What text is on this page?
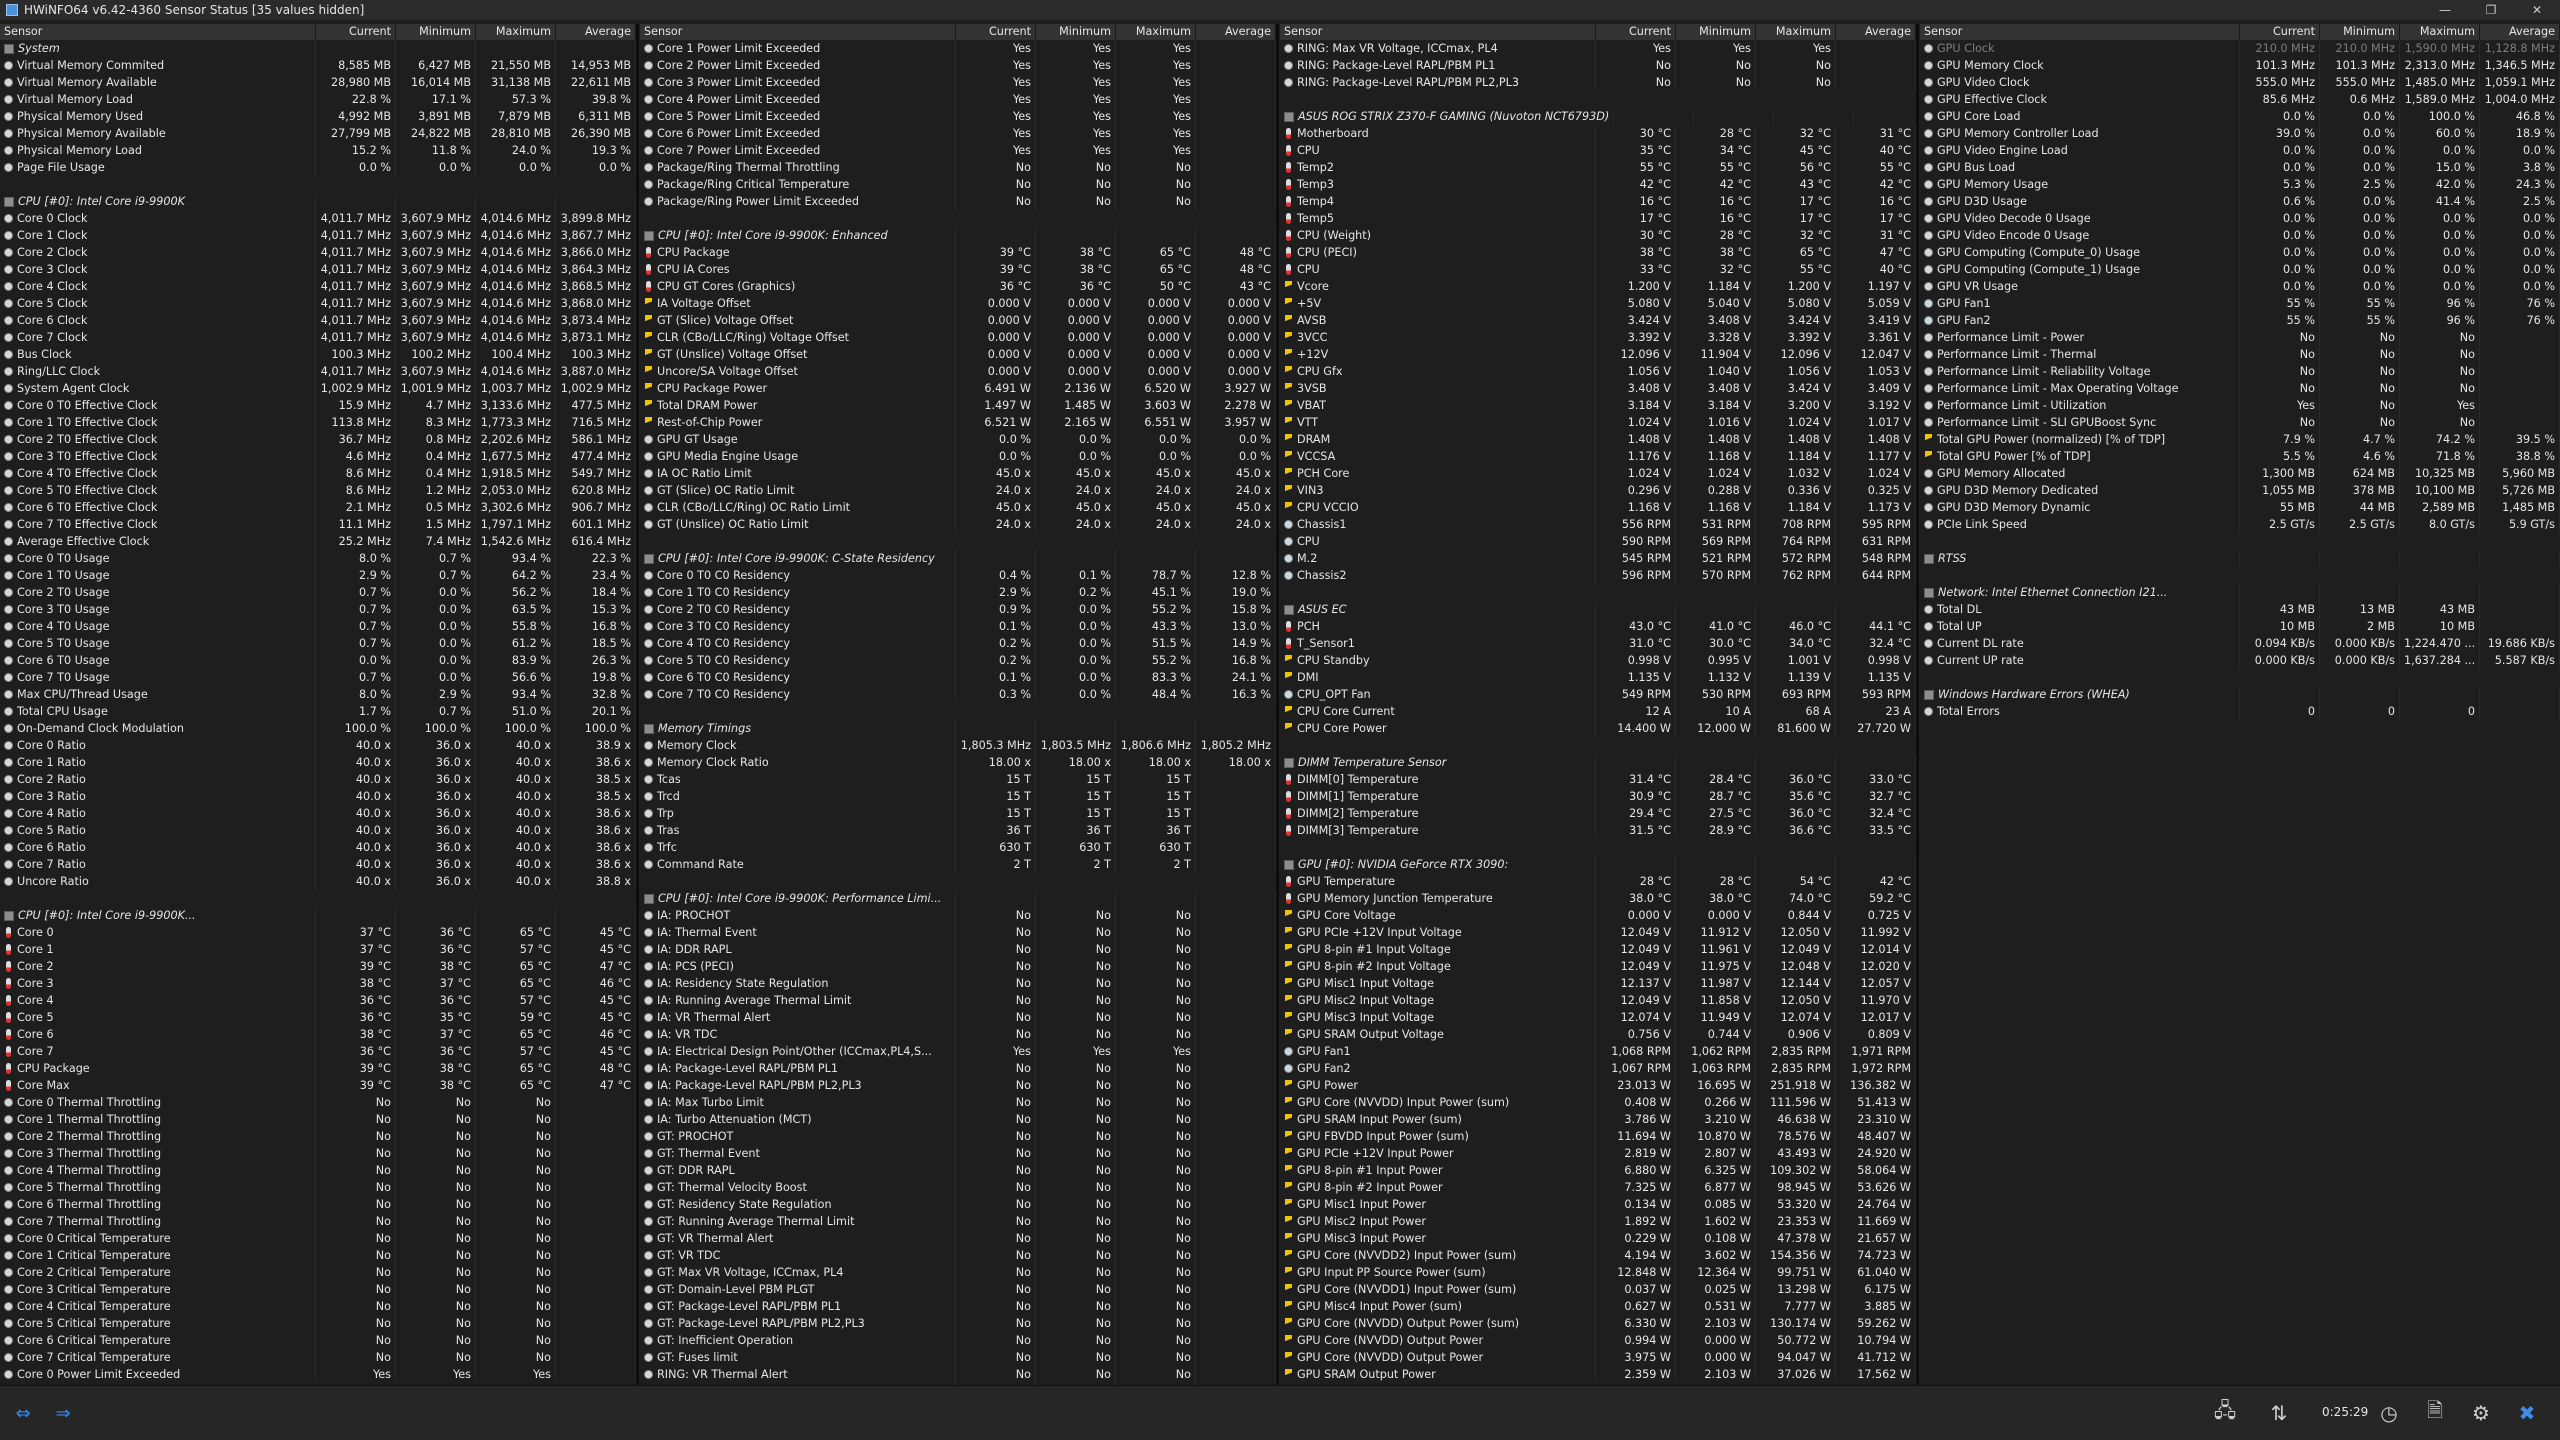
HWiNFO64 v6.42-4360 Sensor Status [35 values hidden]	—	❐	✕
Sensor	Current	Minimum	Maximum	Average
System
Virtual Memory Commited	8,585 MB	6,427 MB	21,550 MB	14,953 MB
Virtual Memory Available	28,980 MB	16,014 MB	31,138 MB	22,611 MB
Virtual Memory Load	22.8 %	17.1 %	57.3 %	39.8 %
Physical Memory Used	4,992 MB	3,891 MB	7,879 MB	6,311 MB
Physical Memory Available	27,799 MB	24,822 MB	28,810 MB	26,390 MB
Physical Memory Load	15.2 %	11.8 %	24.0 %	19.3 %
Page File Usage	0.0 %	0.0 %	0.0 %	0.0 %
CPU [#0]: Intel Core i9-9900K
Core 0 Clock	4,011.7 MHz 3,607.9 MHz 4,014.6 MHz 3,899.8 MHz
Core 1 Clock	4,011.7 MHz 3,607.9 MHz 4,014.6 MHz 3,867.7 MHz
Core 2 Clock	4,011.7 MHz 3,607.9 MHz 4,014.6 MHz 3,866.0 MHz
Core 3 Clock	4,011.7 MHz 3,607.9 MHz 4,014.6 MHz 3,864.3 MHz
Core 4 Clock	4,011.7 MHz 3,607.9 MHz 4,014.6 MHz 3,868.5 MHz
Core 5 Clock	4,011.7 MHz 3,607.9 MHz 4,014.6 MHz 3,868.0 MHz
Core 6 Clock	4,011.7 MHz 3,607.9 MHz 4,014.6 MHz 3,873.4 MHz
Core 7 Clock	4,011.7 MHz 3,607.9 MHz 4,014.6 MHz 3,873.1 MHz
Bus Clock	100.3 MHz	100.2 MHz	100.4 MHz	100.3 MHz
Ring/LLC Clock	4,011.7 MHz 3,607.9 MHz 4,014.6 MHz 3,887.0 MHz
System Agent Clock	1,002.9 MHz 1,001.9 MHz 1,003.7 MHz 1,002.9 MHz
Core 0 T0 Effective Clock	15.9 MHz	4.7 MHz 3,133.6 MHz	477.5 MHz
Core 1 T0 Effective Clock	113.8 MHz	8.3 MHz 1,773.3 MHz	716.5 MHz
Core 2 T0 Effective Clock	36.7 MHz	0.8 MHz 2,202.6 MHz	586.1 MHz
Core 3 T0 Effective Clock	4.6 MHz	0.4 MHz 1,677.5 MHz	477.4 MHz
Core 4 T0 Effective Clock	8.6 MHz	0.4 MHz 1,918.5 MHz	549.7 MHz
Core 5 T0 Effective Clock	8.6 MHz	1.2 MHz 2,053.0 MHz	620.8 MHz
Core 6 T0 Effective Clock	2.1 MHz	0.5 MHz 3,302.6 MHz	906.7 MHz
Core 7 T0 Effective Clock	11.1 MHz	1.5 MHz 1,797.1 MHz	601.1 MHz
Average Effective Clock	25.2 MHz	7.4 MHz 1,542.6 MHz	616.4 MHz
Core 0 T0 Usage	8.0 %	0.7 %	93.4 %	22.3 %
Core 1 T0 Usage	2.9 %	0.7 %	64.2 %	23.4 %
Core 2 T0 Usage	0.7 %	0.0 %	56.2 %	18.4 %
Core 3 T0 Usage	0.7 %	0.0 %	63.5 %	15.3 %
Core 4 T0 Usage	0.7 %	0.0 %	55.8 %	16.8 %
Core 5 T0 Usage	0.7 %	0.0 %	61.2 %	18.5 %
Core 6 T0 Usage	0.0 %	0.0 %	83.9 %	26.3 %
Core 7 T0 Usage	0.7 %	0.0 %	56.6 %	19.8 %
Max CPU/Thread Usage	8.0 %	2.9 %	93.4 %	32.8 %
Total CPU Usage	1.7 %	0.7 %	51.0 %	20.1 %
On-Demand Clock Modulation	100.0 %	100.0 %	100.0 %	100.0 %
Core 0 Ratio	40.0 x	36.0 x	40.0 x	38.9 x
Core 1 Ratio	40.0 x	36.0 x	40.0 x	38.6 x
Core 2 Ratio	40.0 x	36.0 x	40.0 x	38.5 x
Core 3 Ratio	40.0 x	36.0 x	40.0 x	38.5 x
Core 4 Ratio	40.0 x	36.0 x	40.0 x	38.6 x
Core 5 Ratio	40.0 x	36.0 x	40.0 x	38.6 x
Core 6 Ratio	40.0 x	36.0 x	40.0 x	38.6 x
Core 7 Ratio	40.0 x	36.0 x	40.0 x	38.6 x
Uncore Ratio	40.0 x	36.0 x	40.0 x	38.8 x
CPU [#0]: Intel Core i9-9900K...
Core 0	37 °C	36 °C	65 °C	45 °C
Core 1	37 °C	36 °C	57 °C	45 °C
Core 2	39 °C	38 °C	65 °C	47 °C
Core 3	38 °C	37 °C	65 °C	46 °C
Core 4	36 °C	36 °C	57 °C	45 °C
Core 5	36 °C	35 °C	59 °C	45 °C
Core 6	38 °C	37 °C	65 °C	46 °C
Core 7	36 °C	36 °C	57 °C	45 °C
CPU Package	39 °C	38 °C	65 °C	48 °C
Core Max	39 °C	38 °C	65 °C	47 °C
Core 0 Thermal Throttling	No	No	No
Core 1 Thermal Throttling	No	No	No
Core 2 Thermal Throttling	No	No	No
Core 3 Thermal Throttling	No	No	No
Core 4 Thermal Throttling	No	No	No
Core 5 Thermal Throttling	No	No	No
Core 6 Thermal Throttling	No	No	No
Core 7 Thermal Throttling	No	No	No
Core 0 Critical Temperature	No	No	No
Core 1 Critical Temperature	No	No	No
Core 2 Critical Temperature	No	No	No
Core 3 Critical Temperature	No	No	No
Core 4 Critical Temperature	No	No	No
Core 5 Critical Temperature	No	No	No
Core 6 Critical Temperature	No	No	No
Core 7 Critical Temperature	No	No	No
Core 0 Power Limit Exceeded	Yes	Yes	Yes
Sensor	Current	Minimum	Maximum	Average
Core 1 Power Limit Exceeded	Yes	Yes	Yes
Core 2 Power Limit Exceeded	Yes	Yes	Yes
Core 3 Power Limit Exceeded	Yes	Yes	Yes
Core 4 Power Limit Exceeded	Yes	Yes	Yes
Core 5 Power Limit Exceeded	Yes	Yes	Yes
Core 6 Power Limit Exceeded	Yes	Yes	Yes
Core 7 Power Limit Exceeded	Yes	Yes	Yes
Package/Ring Thermal Throttling	No	No	No
Package/Ring Critical Temperature	No	No	No
Package/Ring Power Limit Exceeded	No	No	No
CPU [#0]: Intel Core i9-9900K: Enhanced
CPU Package	39 °C	38 °C	65 °C	48 °C
CPU IA Cores	39 °C	38 °C	65 °C	48 °C
CPU GT Cores (Graphics)	36 °C	36 °C	50 °C	43 °C
IA Voltage Offset	0.000 V	0.000 V	0.000 V	0.000 V
GT (Slice) Voltage Offset	0.000 V	0.000 V	0.000 V	0.000 V
CLR (CBo/LLC/Ring) Voltage Offset	0.000 V	0.000 V	0.000 V	0.000 V
GT (Unslice) Voltage Offset	0.000 V	0.000 V	0.000 V	0.000 V
Uncore/SA Voltage Offset	0.000 V	0.000 V	0.000 V	0.000 V
CPU Package Power	6.491 W	2.136 W	6.520 W	3.927 W
Total DRAM Power	1.497 W	1.485 W	3.603 W	2.278 W
Rest-of-Chip Power	6.521 W	2.165 W	6.551 W	3.957 W
GPU GT Usage	0.0 %	0.0 %	0.0 %	0.0 %
GPU Media Engine Usage	0.0 %	0.0 %	0.0 %	0.0 %
IA OC Ratio Limit	45.0 x	45.0 x	45.0 x	45.0 x
GT (Slice) OC Ratio Limit	24.0 x	24.0 x	24.0 x	24.0 x
CLR (CBo/LLC/Ring) OC Ratio Limit	45.0 x	45.0 x	45.0 x	45.0 x
GT (Unslice) OC Ratio Limit	24.0 x	24.0 x	24.0 x	24.0 x
CPU [#0]: Intel Core i9-9900K: C-State Residency
Core 0 T0 C0 Residency	0.4 %	0.1 %	78.7 %	12.8 %
Core 1 T0 C0 Residency	2.9 %	0.2 %	45.1 %	19.0 %
Core 2 T0 C0 Residency	0.9 %	0.0 %	55.2 %	15.8 %
Core 3 T0 C0 Residency	0.1 %	0.0 %	43.3 %	13.0 %
Core 4 T0 C0 Residency	0.2 %	0.0 %	51.5 %	14.9 %
Core 5 T0 C0 Residency	0.2 %	0.0 %	55.2 %	16.8 %
Core 6 T0 C0 Residency	0.1 %	0.0 %	83.3 %	24.1 %
Core 7 T0 C0 Residency	0.3 %	0.0 %	48.4 %	16.3 %
Memory Timings
Memory Clock	1,805.3 MHz 1,803.5 MHz 1,806.6 MHz 1,805.2 MHz
Memory Clock Ratio	18.00 x	18.00 x	18.00 x	18.00 x
Tcas	15 T	15 T	15 T
Trcd	15 T	15 T	15 T
Trp	15 T	15 T	15 T
Tras	36 T	36 T	36 T
Trfc	630 T	630 T	630 T
Command Rate	2 T	2 T	2 T
CPU [#0]: Intel Core i9-9900K: Performance Limi...
IA: PROCHOT	No	No	No
IA: Thermal Event	No	No	No
IA: DDR RAPL	No	No	No
IA: PCS (PECI)	No	No	No
IA: Residency State Regulation	No	No	No
IA: Running Average Thermal Limit	No	No	No
IA: VR Thermal Alert	No	No	No
IA: VR TDC	No	No	No
IA: Electrical Design Point/Other (ICCmax,PL4,S...	Yes	Yes	Yes
IA: Package-Level RAPL/PBM PL1	No	No	No
IA: Package-Level RAPL/PBM PL2,PL3	No	No	No
IA: Max Turbo Limit	No	No	No
IA: Turbo Attenuation (MCT)	No	No	No
GT: PROCHOT	No	No	No
GT: Thermal Event	No	No	No
GT: DDR RAPL	No	No	No
GT: Thermal Velocity Boost	No	No	No
GT: Residency State Regulation	No	No	No
GT: Running Average Thermal Limit	No	No	No
GT: VR Thermal Alert	No	No	No
GT: VR TDC	No	No	No
GT: Max VR Voltage, ICCmax, PL4	No	No	No
GT: Domain-Level PBM PLGT	No	No	No
GT: Package-Level RAPL/PBM PL1	No	No	No
GT: Package-Level RAPL/PBM PL2,PL3	No	No	No
GT: Inefficient Operation	No	No	No
GT: Fuses limit	No	No	No
RING: VR Thermal Alert	No	No	No
Sensor	Current	Minimum	Maximum	Average
RING: Max VR Voltage, ICCmax, PL4	Yes	Yes	Yes
RING: Package-Level RAPL/PBM PL1	No	No	No
RING: Package-Level RAPL/PBM PL2,PL3	No	No	No
ASUS ROG STRIX Z370-F GAMING (Nuvoton NCT6793D)
Motherboard	30 °C	28 °C	32 °C	31 °C
CPU	35 °C	34 °C	45 °C	40 °C
Temp2	55 °C	55 °C	56 °C	55 °C
Temp3	42 °C	42 °C	43 °C	42 °C
Temp4	16 °C	16 °C	17 °C	16 °C
Temp5	17 °C	16 °C	17 °C	17 °C
CPU (Weight)	30 °C	28 °C	32 °C	31 °C
CPU (PECI)	38 °C	38 °C	65 °C	47 °C
CPU	33 °C	32 °C	55 °C	40 °C
Vcore	1.200 V	1.184 V	1.200 V	1.197 V
+5V	5.080 V	5.040 V	5.080 V	5.059 V
AVSB	3.424 V	3.408 V	3.424 V	3.419 V
3VCC	3.392 V	3.328 V	3.392 V	3.361 V
+12V	12.096 V	11.904 V	12.096 V	12.047 V
CPU Gfx	1.056 V	1.040 V	1.056 V	1.053 V
3VSB	3.408 V	3.408 V	3.424 V	3.409 V
VBAT	3.184 V	3.184 V	3.200 V	3.192 V
VTT	1.024 V	1.016 V	1.024 V	1.017 V
DRAM	1.408 V	1.408 V	1.408 V	1.408 V
VCCSA	1.176 V	1.168 V	1.184 V	1.177 V
PCH Core	1.024 V	1.024 V	1.032 V	1.024 V
VIN3	0.296 V	0.288 V	0.336 V	0.325 V
CPU VCCIO	1.168 V	1.168 V	1.184 V	1.173 V
Chassis1	556 RPM	531 RPM	708 RPM	595 RPM
CPU	590 RPM	569 RPM	764 RPM	631 RPM
M.2	545 RPM	521 RPM	572 RPM	548 RPM
Chassis2	596 RPM	570 RPM	762 RPM	644 RPM
ASUS EC
PCH	43.0 °C	41.0 °C	46.0 °C	44.1 °C
T_Sensor1	31.0 °C	30.0 °C	34.0 °C	32.4 °C
CPU Standby	0.998 V	0.995 V	1.001 V	0.998 V
DMI	1.135 V	1.132 V	1.139 V	1.135 V
CPU_OPT Fan	549 RPM	530 RPM	693 RPM	593 RPM
CPU Core Current	12 A	10 A	68 A	23 A
CPU Core Power	14.400 W	12.000 W	81.600 W	27.720 W
DIMM Temperature Sensor
DIMM[0] Temperature	31.4 °C	28.4 °C	36.0 °C	33.0 °C
DIMM[1] Temperature	30.9 °C	28.7 °C	35.6 °C	32.7 °C
DIMM[2] Temperature	29.4 °C	27.5 °C	36.0 °C	32.4 °C
DIMM[3] Temperature	31.5 °C	28.9 °C	36.6 °C	33.5 °C
GPU [#0]: NVIDIA GeForce RTX 3090:
GPU Temperature	28 °C	28 °C	54 °C	42 °C
GPU Memory Junction Temperature	38.0 °C	38.0 °C	74.0 °C	59.2 °C
GPU Core Voltage	0.000 V	0.000 V	0.844 V	0.725 V
GPU PCIe +12V Input Voltage	12.049 V	11.912 V	12.050 V	11.992 V
GPU 8-pin #1 Input Voltage	12.049 V	11.961 V	12.049 V	12.014 V
GPU 8-pin #2 Input Voltage	12.049 V	11.975 V	12.048 V	12.020 V
GPU Misc1 Input Voltage	12.137 V	11.987 V	12.144 V	12.057 V
GPU Misc2 Input Voltage	12.049 V	11.858 V	12.050 V	11.970 V
GPU Misc3 Input Voltage	12.074 V	11.949 V	12.074 V	12.017 V
GPU SRAM Output Voltage	0.756 V	0.744 V	0.906 V	0.809 V
GPU Fan1	1,068 RPM	1,062 RPM	2,835 RPM	1,971 RPM
GPU Fan2	1,067 RPM	1,063 RPM	2,835 RPM	1,972 RPM
GPU Power	23.013 W	16.695 W	251.918 W	136.382 W
GPU Core (NVVDD) Input Power (sum)	0.408 W	0.266 W	111.596 W	51.413 W
GPU SRAM Input Power (sum)	3.786 W	3.210 W	46.638 W	23.310 W
GPU FBVDD Input Power (sum)	11.694 W	10.870 W	78.576 W	48.407 W
GPU PCIe +12V Input Power	2.819 W	2.807 W	43.493 W	24.920 W
GPU 8-pin #1 Input Power	6.880 W	6.325 W	109.302 W	58.064 W
GPU 8-pin #2 Input Power	7.325 W	6.877 W	98.945 W	53.626 W
GPU Misc1 Input Power	0.134 W	0.085 W	53.320 W	24.764 W
GPU Misc2 Input Power	1.892 W	1.602 W	23.353 W	11.669 W
GPU Misc3 Input Power	0.229 W	0.108 W	47.378 W	21.657 W
GPU Core (NVVDD2) Input Power (sum)	4.194 W	3.602 W	154.356 W	74.723 W
GPU Input PP Source Power (sum)	12.848 W	12.364 W	99.751 W	61.040 W
GPU Core (NVVDD1) Input Power (sum)	0.037 W	0.025 W	13.298 W	6.175 W
GPU Misc4 Input Power (sum)	0.627 W	0.531 W	7.777 W	3.885 W
GPU Core (NVVDD) Output Power (sum)	6.330 W	2.103 W	130.174 W	59.262 W
GPU Core (NVVDD) Output Power	0.994 W	0.000 W	50.772 W	10.794 W
GPU Core (NVVDD) Output Power	3.975 W	0.000 W	94.047 W	41.712 W
GPU SRAM Output Power	2.359 W	2.103 W	37.026 W	17.562 W
Sensor	Current	Minimum	Maximum	Average
GPU Clock	210.0 MHz	210.0 MHz 1,590.0 MHz 1,128.8 MHz
GPU Memory Clock	101.3 MHz	101.3 MHz 2,313.0 MHz 1,346.5 MHz
GPU Video Clock	555.0 MHz	555.0 MHz 1,485.0 MHz 1,059.1 MHz
GPU Effective Clock	85.6 MHz	0.6 MHz 1,589.0 MHz 1,004.0 MHz
GPU Core Load	0.0 %	0.0 %	100.0 %	46.8 %
GPU Memory Controller Load	39.0 %	0.0 %	60.0 %	18.9 %
GPU Video Engine Load	0.0 %	0.0 %	0.0 %	0.0 %
GPU Bus Load	0.0 %	0.0 %	15.0 %	3.8 %
GPU Memory Usage	5.3 %	2.5 %	42.0 %	24.3 %
GPU D3D Usage	0.6 %	0.0 %	41.4 %	2.5 %
GPU Video Decode 0 Usage	0.0 %	0.0 %	0.0 %	0.0 %
GPU Video Encode 0 Usage	0.0 %	0.0 %	0.0 %	0.0 %
GPU Computing (Compute_0) Usage	0.0 %	0.0 %	0.0 %	0.0 %
GPU Computing (Compute_1) Usage	0.0 %	0.0 %	0.0 %	0.0 %
GPU VR Usage	0.0 %	0.0 %	0.0 %	0.0 %
GPU Fan1	55 %	55 %	96 %	76 %
GPU Fan2	55 %	55 %	96 %	76 %
Performance Limit - Power	No	No	No
Performance Limit - Thermal	No	No	No
Performance Limit - Reliability Voltage	No	No	No
Performance Limit - Max Operating Voltage	No	No	No
Performance Limit - Utilization	Yes	No	Yes
Performance Limit - SLI GPUBoost Sync	No	No	No
Total GPU Power (normalized) [% of TDP]	7.9 %	4.7 %	74.2 %	39.5 %
Total GPU Power [% of TDP]	5.5 %	4.6 %	71.8 %	38.8 %
GPU Memory Allocated	1,300 MB	624 MB	10,325 MB	5,960 MB
GPU D3D Memory Dedicated	1,055 MB	378 MB	10,100 MB	5,726 MB
GPU D3D Memory Dynamic	55 MB	44 MB	2,589 MB	1,485 MB
PCIe Link Speed	2.5 GT/s	2.5 GT/s	8.0 GT/s	5.9 GT/s
RTSS
Network: Intel Ethernet Connection I21...
Total DL	43 MB	13 MB	43 MB
Total UP	10 MB	2 MB	10 MB
Current DL rate	0.094 KB/s	0.000 KB/s 1,224.470 ...	19.686 KB/s
Current UP rate	0.000 KB/s	0.000 KB/s 1,637.284 ...	5.587 KB/s
Windows Hardware Errors (WHEA)
Total Errors	0	0	0
⇔	⇒	🖧	⇅	0:25:29 ◷	🗎	⚙	✖
